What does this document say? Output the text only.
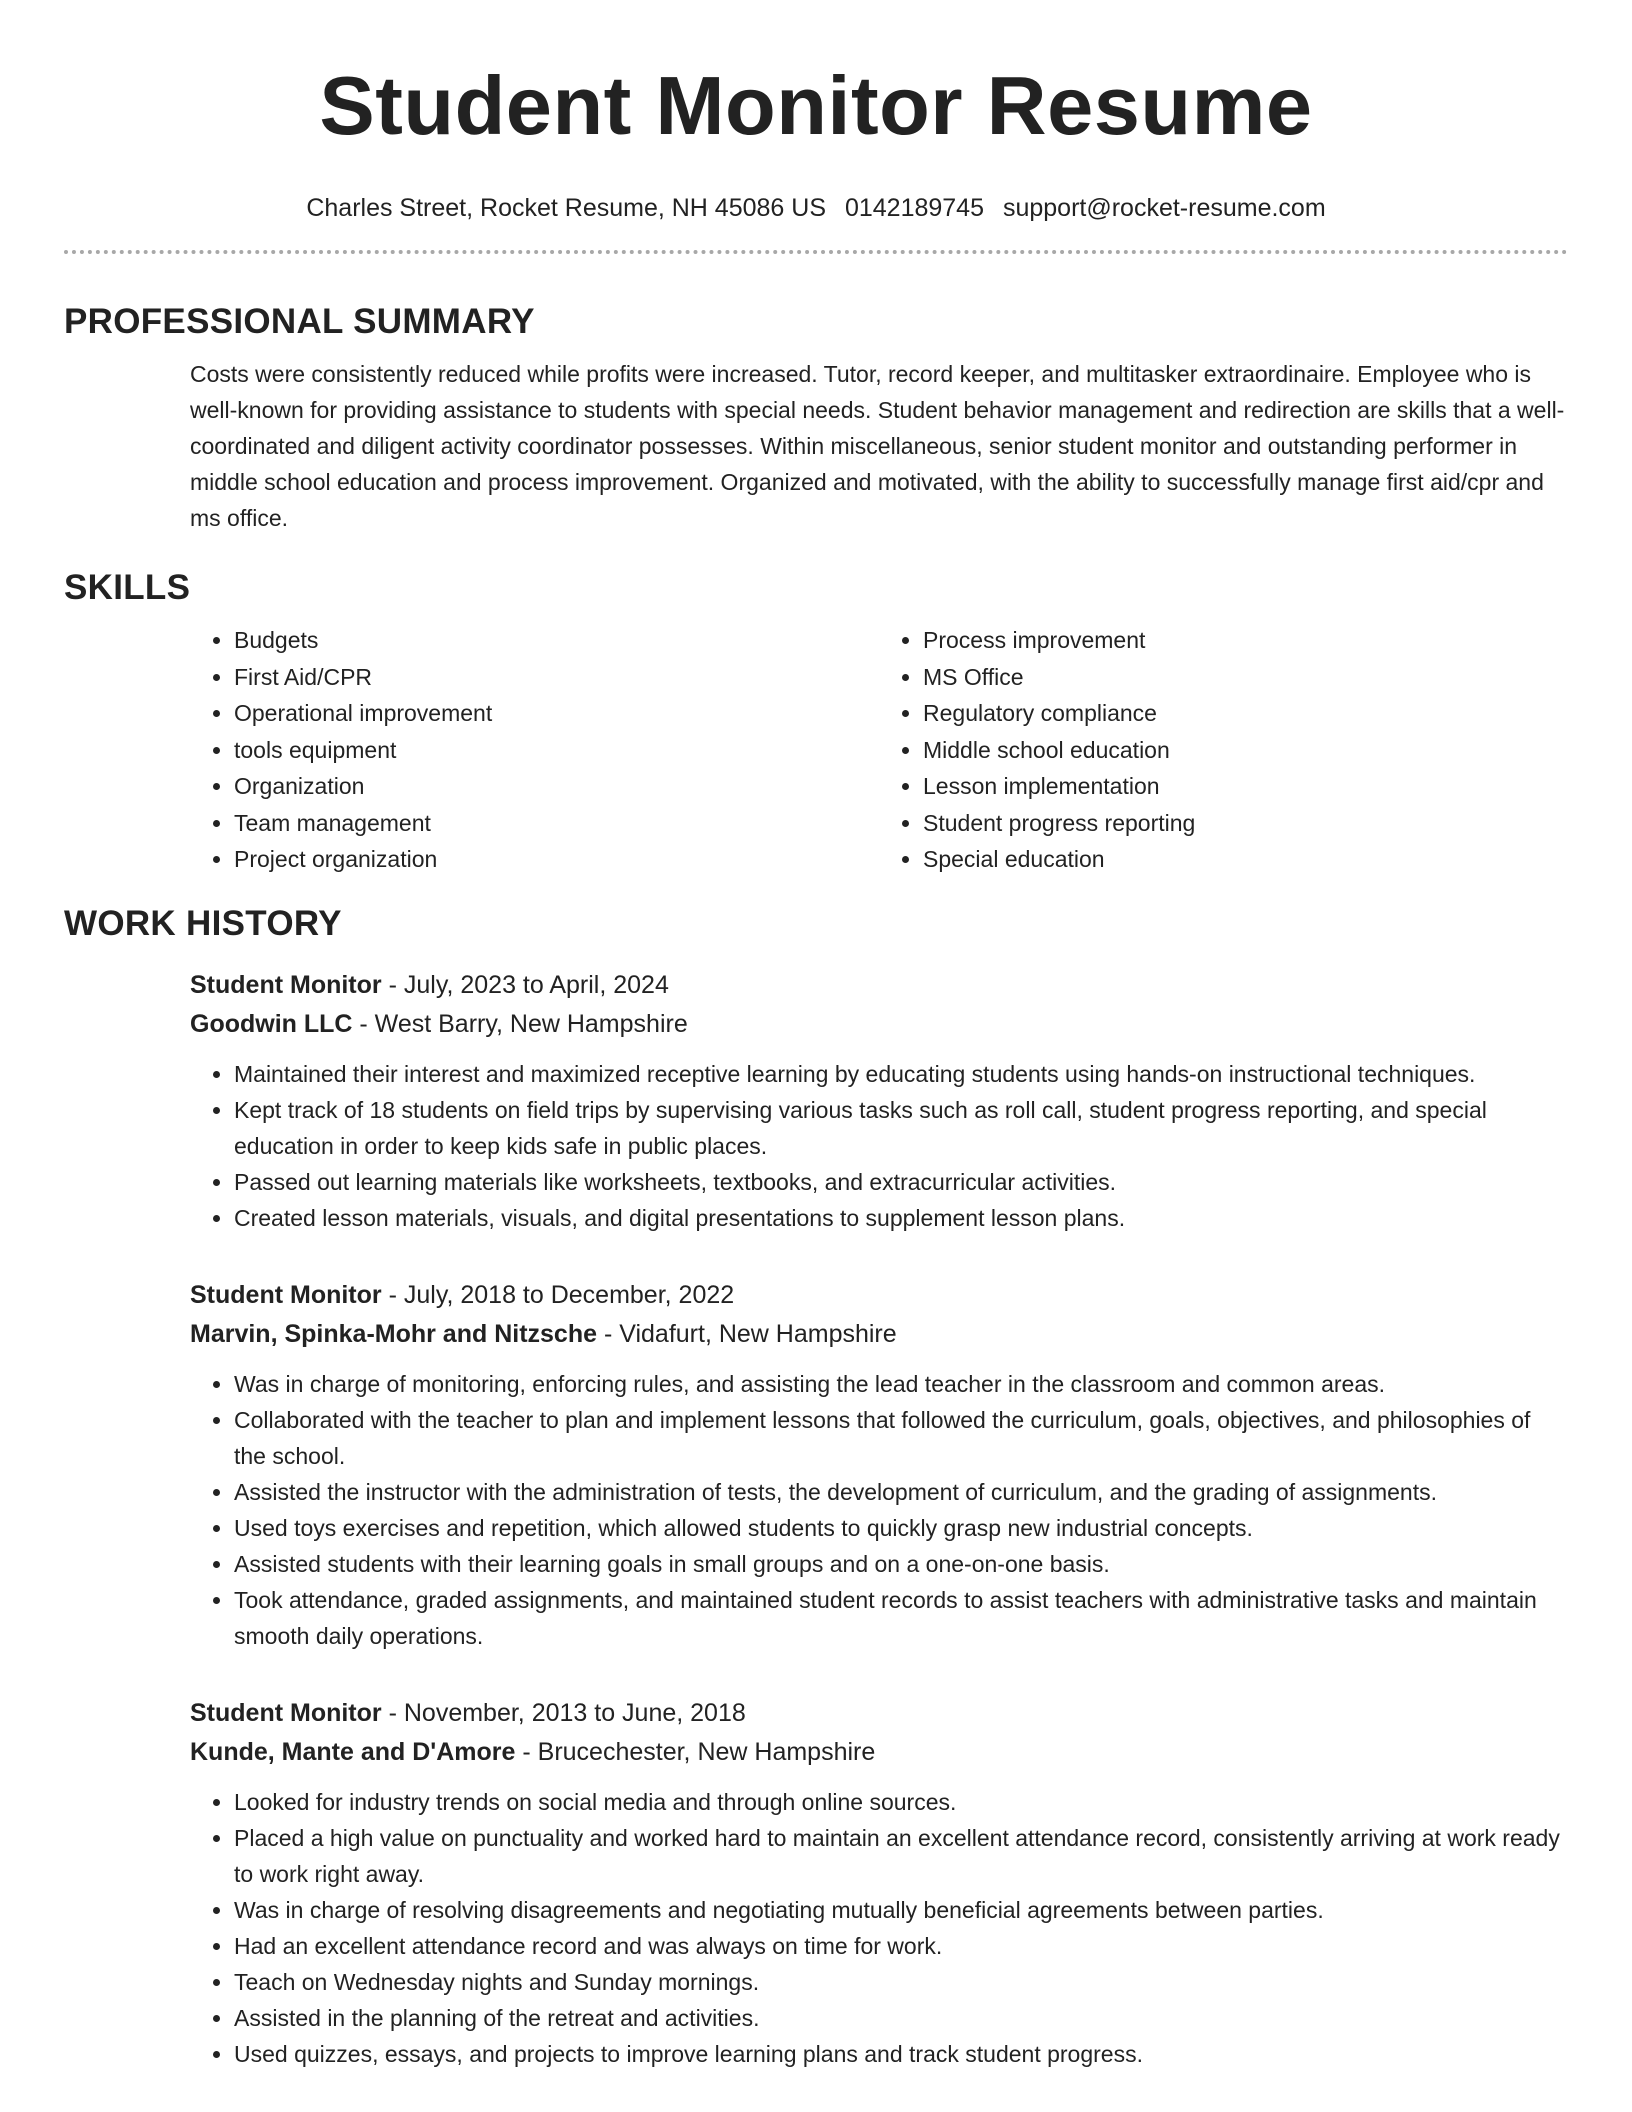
Student Monitor Resume
Charles Street, Rocket Resume, NH 45086 US 0142189745 support@rocket-resume.com
PROFESSIONAL SUMMARY

Costs were consistently reduced while profits were increased. Tutor, record keeper, and multitasker extraordinaire. Employee who is well-known for providing assistance to students with special needs. Student behavior management and redirection are skills that a well-coordinated and diligent activity coordinator possesses. Within miscellaneous, senior student monitor and outstanding performer in middle school education and process improvement. Organized and motivated, with the ability to successfully manage first aid/cpr and ms office.

SKILLS
• Budgets
• First Aid/CPR
• Operational improvement
• tools equipment
• Organization
• Team management
• Project organization
• Process improvement
• MS Office
• Regulatory compliance
• Middle school education
• Lesson implementation
• Student progress reporting
• Special education
WORK HISTORY
Student Monitor - July, 2023 to April, 2024
Goodwin LLC - West Barry, New Hampshire
• Maintained their interest and maximized receptive learning by educating students using hands-on instructional techniques.
• Kept track of 18 students on field trips by supervising various tasks such as roll call, student progress reporting, and special education in order to keep kids safe in public places.
• Passed out learning materials like worksheets, textbooks, and extracurricular activities.
• Created lesson materials, visuals, and digital presentations to supplement lesson plans.
Student Monitor - July, 2018 to December, 2022
Marvin, Spinka-Mohr and Nitzsche - Vidafurt, New Hampshire
• Was in charge of monitoring, enforcing rules, and assisting the lead teacher in the classroom and common areas.
• Collaborated with the teacher to plan and implement lessons that followed the curriculum, goals, objectives, and philosophies of the school.
• Assisted the instructor with the administration of tests, the development of curriculum, and the grading of assignments.
• Used toys exercises and repetition, which allowed students to quickly grasp new industrial concepts.
• Assisted students with their learning goals in small groups and on a one-on-one basis.
• Took attendance, graded assignments, and maintained student records to assist teachers with administrative tasks and maintain smooth daily operations.
Student Monitor - November, 2013 to June, 2018
Kunde, Mante and D'Amore - Brucechester, New Hampshire
• Looked for industry trends on social media and through online sources.
• Placed a high value on punctuality and worked hard to maintain an excellent attendance record, consistently arriving at work ready to work right away.
• Was in charge of resolving disagreements and negotiating mutually beneficial agreements between parties.
• Had an excellent attendance record and was always on time for work.
• Teach on Wednesday nights and Sunday mornings.
• Assisted in the planning of the retreat and activities.
• Used quizzes, essays, and projects to improve learning plans and track student progress.
